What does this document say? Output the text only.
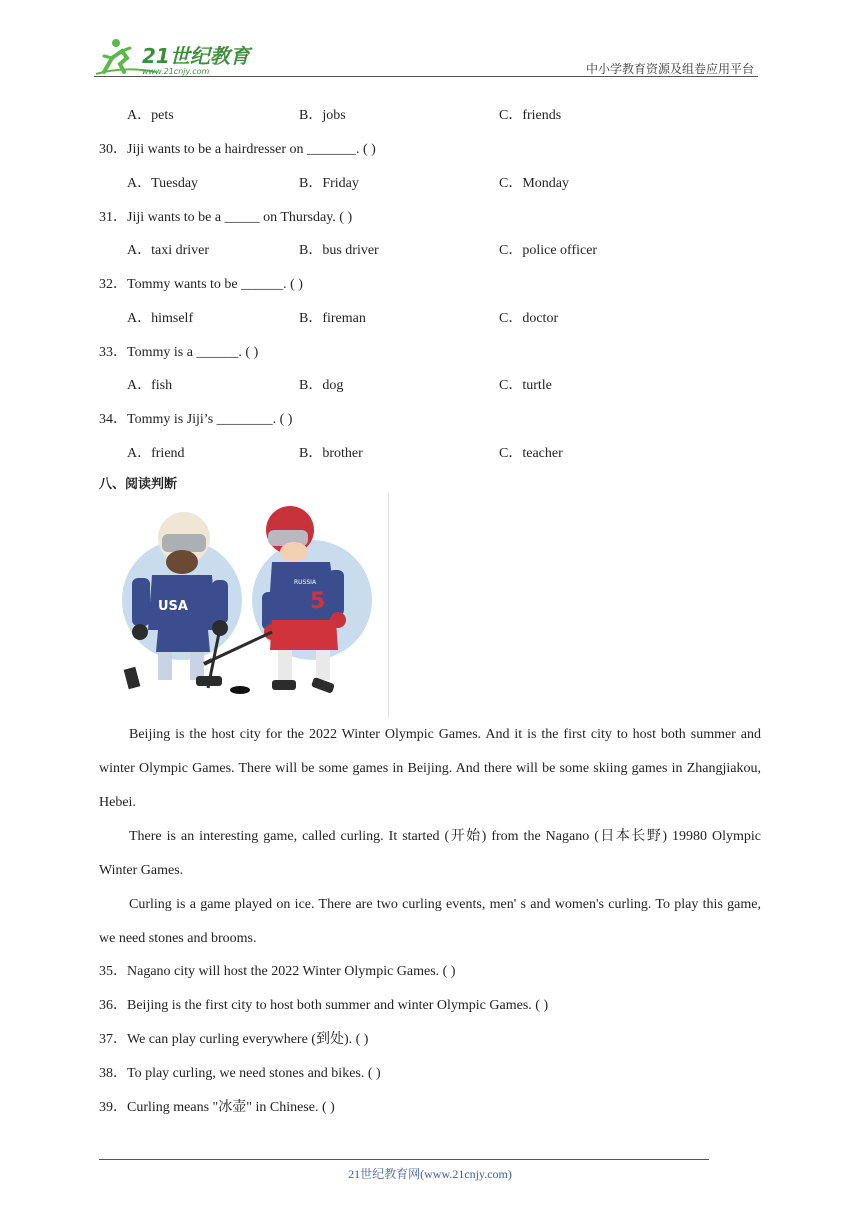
21世纪教育
www.21cnjy.com	中小学教育资源及组卷应用平台
A．pets	B．jobs	C．friends
30．Jiji wants to be a hairdresser on _______. ( )
A．Tuesday	B．Friday	C．Monday
31．Jiji wants to be a _____ on Thursday. ( )
A．taxi driver	B．bus driver	C．police officer
32．Tommy wants to be ______. ( )
A．himself	B．fireman	C．doctor
33．Tommy is a ______. ( )
A．fish	B．dog	C．turtle
34．Tommy is Jiji’s ________. ( )
A．friend	B．brother	C．teacher
八、阅读判断
USA
RUSSIA
5
Beijing is the host city for the 2022 Winter Olympic Games. And it is the first city to host both summer and winter Olympic Games. There will be some games in Beijing. And there will be some skiing games in Zhangjiakou, Hebei.
There is an interesting game, called curling. It started (开始) from the Nagano (日本长野) 19980 Olympic Winter Games.
Curling is a game played on ice. There are two curling events, men' s and women's curling. To play this game, we need stones and brooms.
35．Nagano city will host the 2022 Winter Olympic Games. ( )
36．Beijing is the first city to host both summer and winter Olympic Games. ( )
37．We can play curling everywhere (到处). ( )
38．To play curling, we need stones and bikes. ( )
39．Curling means "冰壶" in Chinese. ( )
21世纪教育网(www.21cnjy.com)
